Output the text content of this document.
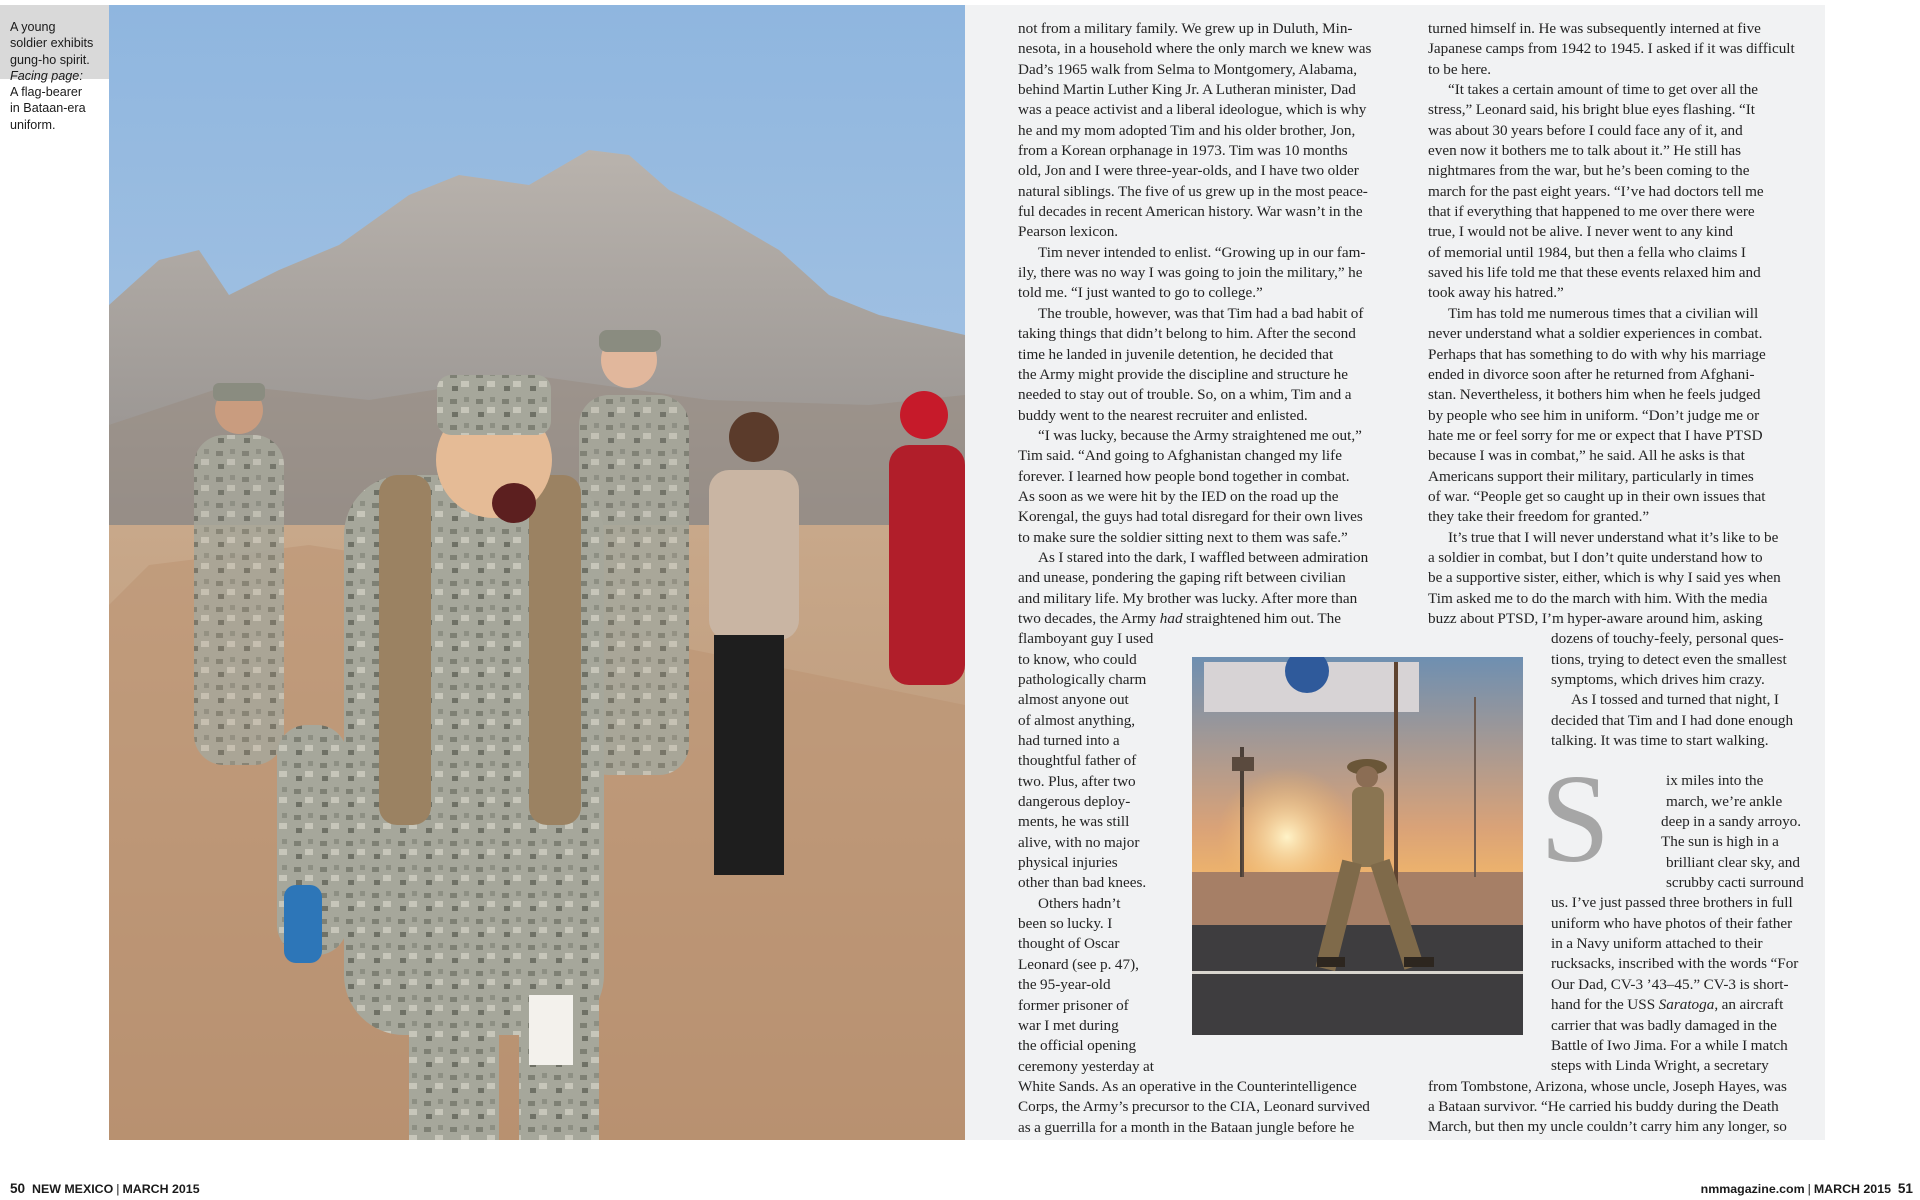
A young
soldier exhibits
gung-ho spirit.
Facing page:
A flag-bearer
in Bataan-era
uniform.

not from a military family. We grew up in Duluth, Min-
nesota, in a household where the only march we knew was
Dad’s 1965 walk from Selma to Montgomery, Alabama,
behind Martin Luther King Jr. A Lutheran minister, Dad
was a peace activist and a liberal ideologue, which is why
he and my mom adopted Tim and his older brother, Jon,
from a Korean orphanage in 1973. Tim was 10 months
old, Jon and I were three-year-olds, and I have two older
natural siblings. The five of us grew up in the most peace-
ful decades in recent American history. War wasn’t in the
Pearson lexicon.

Tim never intended to enlist. “Growing up in our fam-
ily, there was no way I was going to join the military,” he
told me. “I just wanted to go to college.”

The trouble, however, was that Tim had a bad habit of
taking things that didn’t belong to him. After the second
time he landed in juvenile detention, he decided that
the Army might provide the discipline and structure he
needed to stay out of trouble. So, on a whim, Tim and a
buddy went to the nearest recruiter and enlisted.

“I was lucky, because the Army straightened me out,”
Tim said. “And going to Afghanistan changed my life
forever. I learned how people bond together in combat.
As soon as we were hit by the IED on the road up the
Korengal, the guys had total disregard for their own lives
to make sure the soldier sitting next to them was safe.”

As I stared into the dark, I waffled between admiration
and unease, pondering the gaping rift between civilian
and military life. My brother was lucky. After more than
two decades, the Army had straightened him out. The
flamboyant guy I used
to know, who could
pathologically charm
almost anyone out
of almost anything,
had turned into a
thoughtful father of
two. Plus, after two
dangerous deploy-
ments, he was still
alive, with no major
physical injuries
other than bad knees.

Others hadn’t
been so lucky. I
thought of Oscar
Leonard (see p. 47),
the 95-year-old
former prisoner of
war I met during
the official opening
ceremony yesterday at
White Sands. As an operative in the Counterintelligence
Corps, the Army’s precursor to the CIA, Leonard survived
as a guerrilla for a month in the Bataan jungle before he

turned himself in. He was subsequently interned at five
Japanese camps from 1942 to 1945. I asked if it was difficult
to be here.

“It takes a certain amount of time to get over all the
stress,” Leonard said, his bright blue eyes flashing. “It
was about 30 years before I could face any of it, and
even now it bothers me to talk about it.” He still has
nightmares from the war, but he’s been coming to the
march for the past eight years. “I’ve had doctors tell me
that if everything that happened to me over there were
true, I would not be alive. I never went to any kind
of memorial until 1984, but then a fella who claims I
saved his life told me that these events relaxed him and
took away his hatred.”

Tim has told me numerous times that a civilian will
never understand what a soldier experiences in combat.
Perhaps that has something to do with why his marriage
ended in divorce soon after he returned from Afghani-
stan. Nevertheless, it bothers him when he feels judged
by people who see him in uniform. “Don’t judge me or
hate me or feel sorry for me or expect that I have PTSD
because I was in combat,” he said. All he asks is that
Americans support their military, particularly in times
of war. “People get so caught up in their own issues that
they take their freedom for granted.”

It’s true that I will never understand what it’s like to be
a soldier in combat, but I don’t quite understand how to
be a supportive sister, either, which is why I said yes when
Tim asked me to do the march with him. With the media
buzz about PTSD, I’m hyper-aware around him, asking
dozens of touchy-feely, personal ques-
tions, trying to detect even the smallest
symptoms, which drives him crazy.

As I tossed and turned that night, I
decided that Tim and I had done enough
talking. It was time to start walking.

ix miles into the
march, we’re ankle
deep in a sandy arroyo.
The sun is high in a
brilliant clear sky, and
scrubby cacti surround
us. I’ve just passed three brothers in full
uniform who have photos of their father
in a Navy uniform attached to their
rucksacks, inscribed with the words “For
Our Dad, CV-3 ’43–45.” CV-3 is short-
hand for the USS Saratoga, an aircraft
carrier that was badly damaged in the
Battle of Iwo Jima. For a while I match
steps with Linda Wright, a secretary
from Tombstone, Arizona, whose uncle, Joseph Hayes, was
a Bataan survivor. “He carried his buddy during the Death
March, but then my uncle couldn’t carry him any longer, so

S
50 NEW MEXICO | MARCH 2015	nmmagazine.com | MARCH 2015 51
